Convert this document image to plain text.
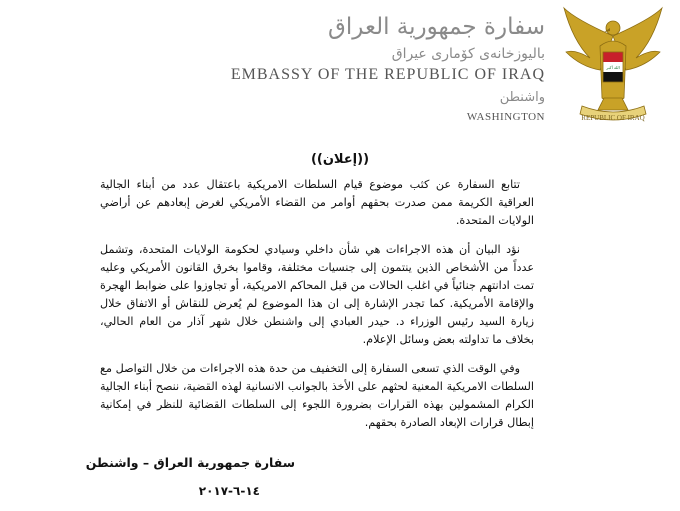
سفارة جمهورية العراق
باليوزخانەى كۆمارى عيراق
EMBASSY OF THE REPUBLIC OF IRAQ
واشنطن
WASHINGTON
الله أكبر
REPUBLIC OF IRAQ
((إعلان))

تتابع السفارة عن كثب موضوع قيام السلطات الامريكية باعتقال عدد من أبناء الجالية العراقية الكريمة ممن صدرت بحقهم أوامر من القضاء الأمريكي لغرض إبعادهم عن أراضي الولايات المتحدة.

نؤد البيان أن هذه الاجراءات هي شأن داخلي وسيادي لحكومة الولايات المتحدة، وتشمل عدداً من الأشخاص الذين ينتمون إلى جنسيات مختلفة، وقاموا بخرق القانون الأمريكي وعليه تمت ادانتهم جنائياً في اغلب الحالات من قبل المحاكم الامريكية، أو تجاوزوا على ضوابط الهجرة والإقامة الأمريكية. كما تجدر الإشارة إلى ان هذا الموضوع لم يُعرض للنقاش أو الاتفاق خلال زيارة السيد رئيس الوزراء د. حيدر العبادي إلى واشنطن خلال شهر آذار من العام الحالي، بخلاف ما تداولته بعض وسائل الإعلام.

وفي الوقت الذي تسعى السفارة إلى التخفيف من حدة هذه الاجراءات من خلال التواصل مع السلطات الامريكية المعنية لحثهم على الأخذ بالجوانب الانسانية لهذه القضية، ننصح أبناء الجالية الكرام المشمولين بهذه القرارات بضرورة اللجوء إلى السلطات القضائية للنظر في إمكانية إبطال قرارات الإبعاد الصادرة بحقهم.

سفارة جمهورية العراق – واشنطن
١٤-٦-٢٠١٧
